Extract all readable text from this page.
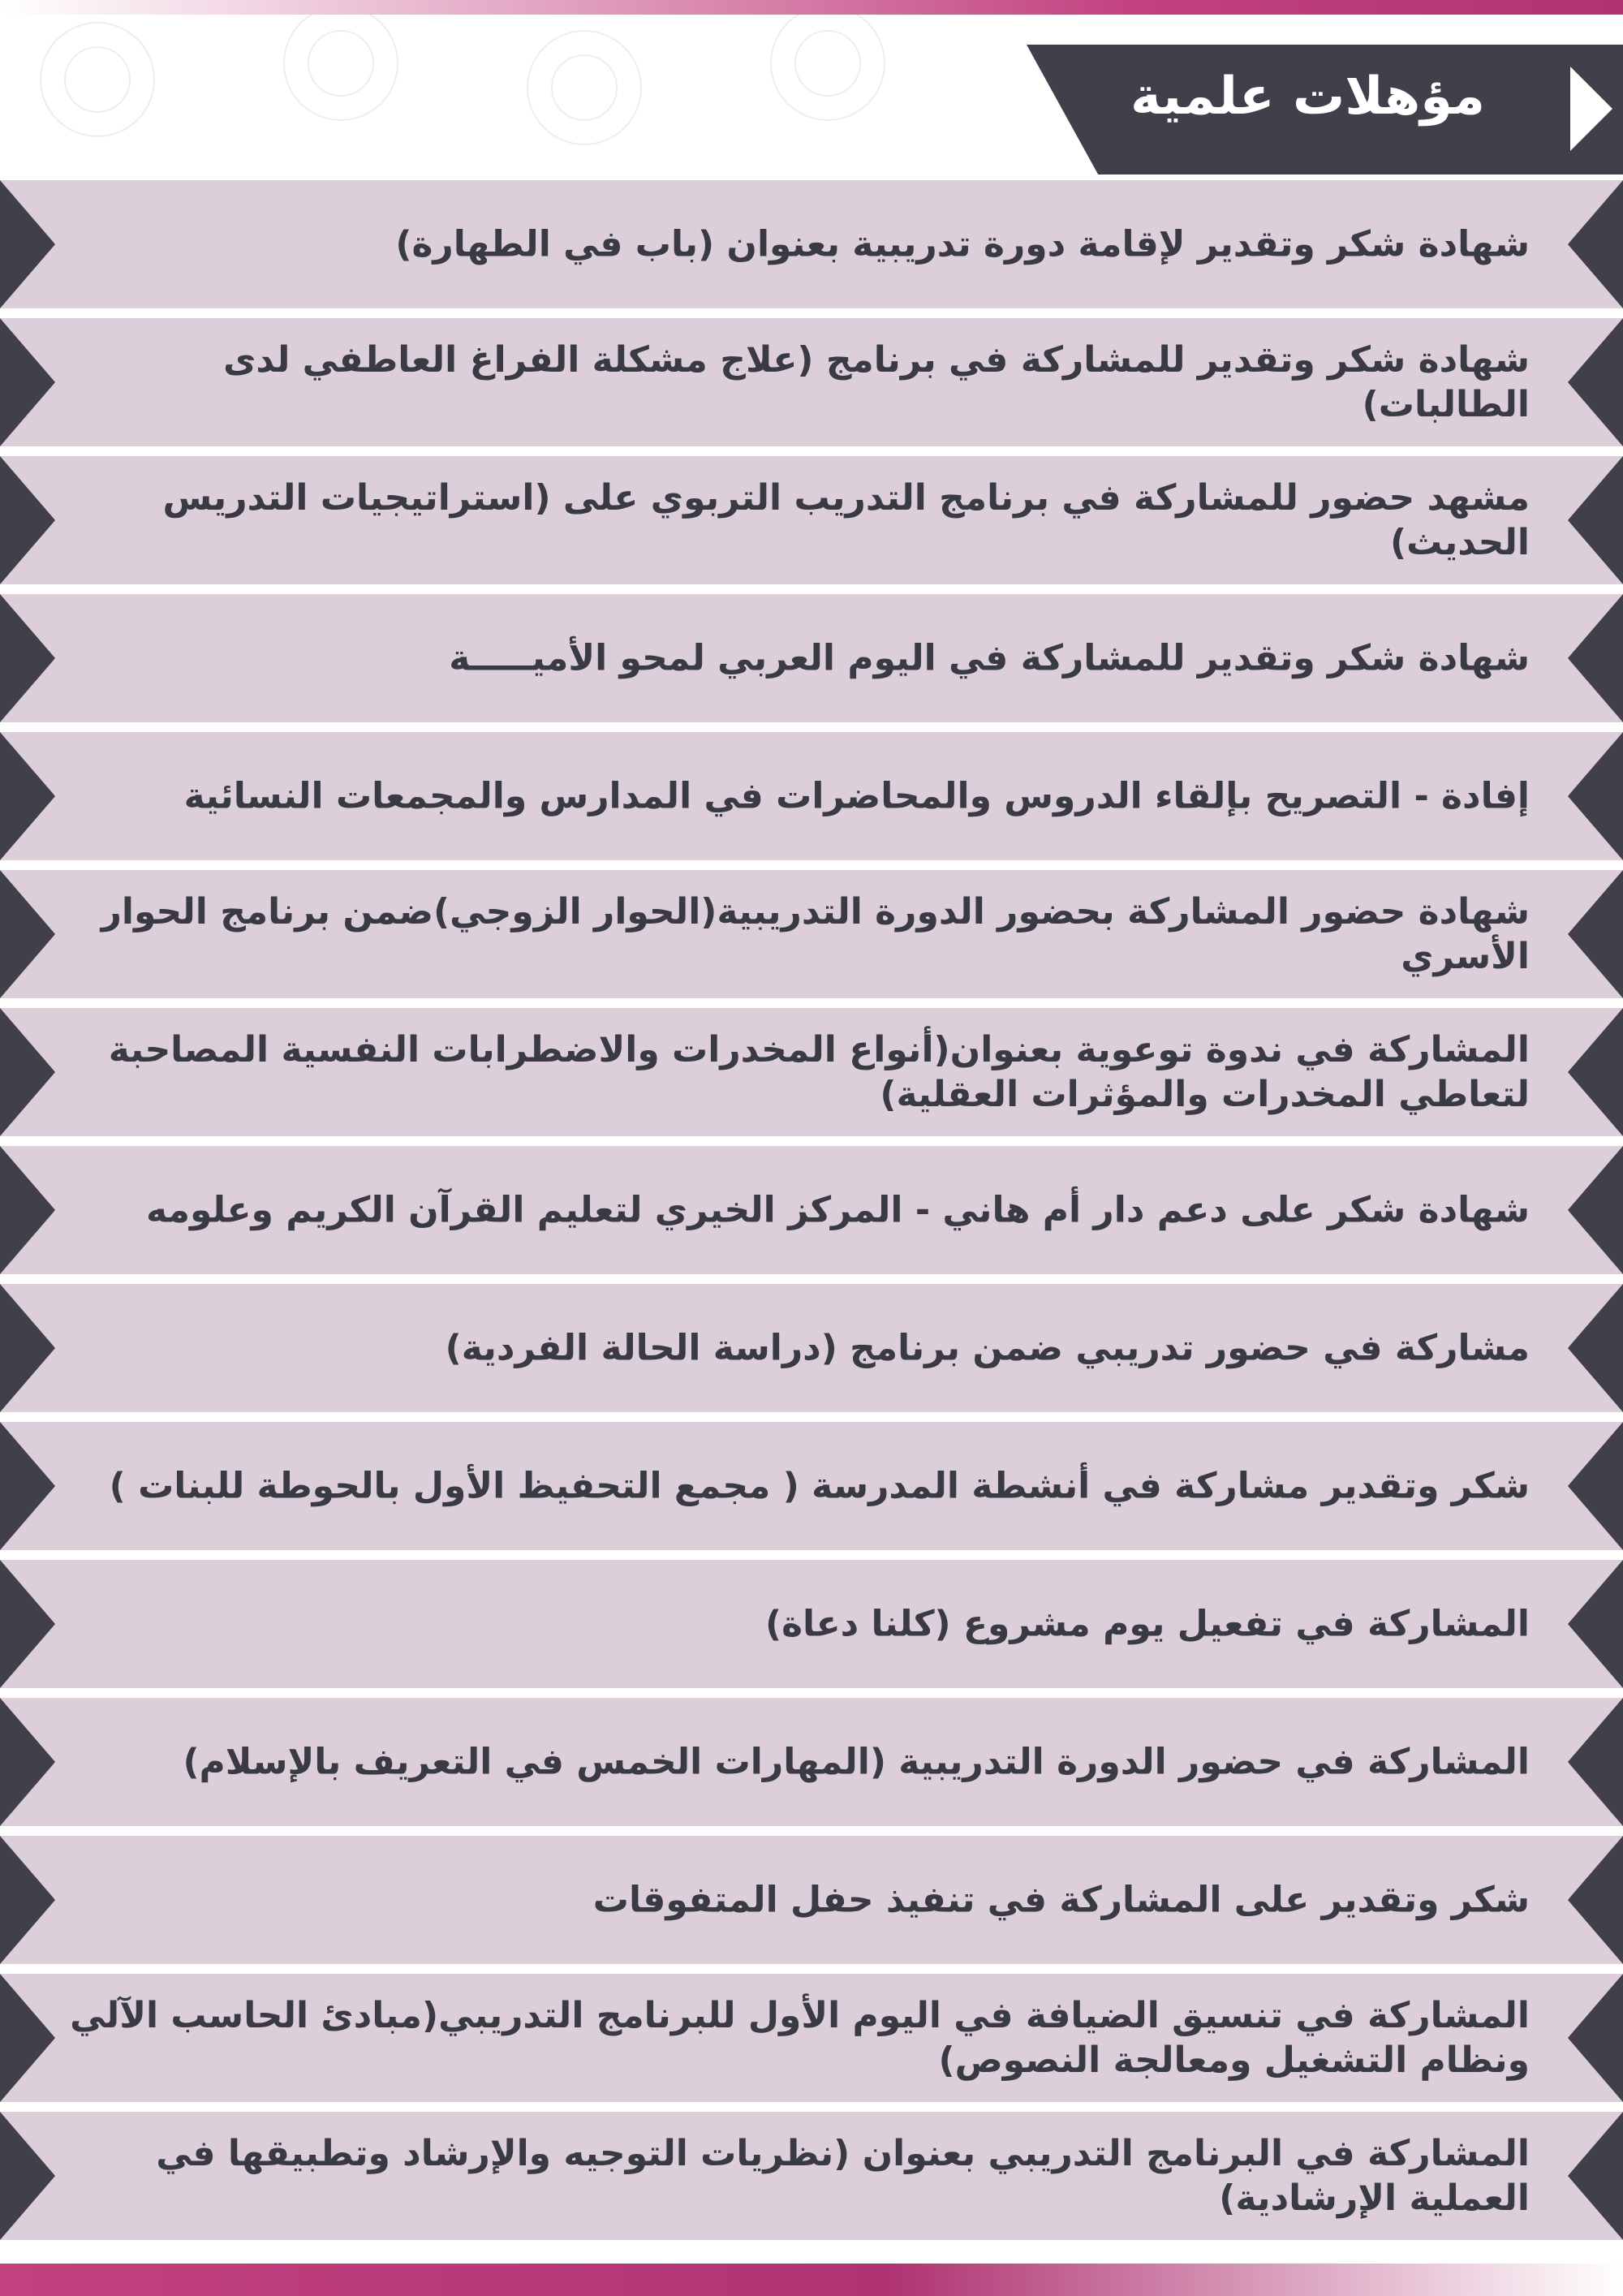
مؤهلات علمية

شهادة شكر وتقدير لإقامة دورة تدريبية بعنوان (باب في الطهارة)

شهادة شكر وتقدير للمشاركة في برنامج (علاج مشكلة الفراغ العاطفي لدى الطالبات)

مشهد حضور للمشاركة في برنامج التدريب التربوي على (استراتيجيات التدريس الحديث)

شهادة شكر وتقدير للمشاركة في اليوم العربي لمحو الأميـــــة

إفادة - التصريح بإلقاء الدروس والمحاضرات في المدارس والمجمعات النسائية

شهادة حضور المشاركة بحضور الدورة التدريبية(الحوار الزوجي)ضمن برنامج الحوار الأسري

المشاركة في ندوة توعوية بعنوان(أنواع المخدرات والاضطرابات النفسية المصاحبة لتعاطي المخدرات والمؤثرات العقلية)

شهادة شكر على دعم دار أم هاني - المركز الخيري لتعليم القرآن الكريم وعلومه

مشاركة في حضور تدريبي ضمن برنامج (دراسة الحالة الفردية)

شكر وتقدير مشاركة في أنشطة المدرسة ( مجمع التحفيظ الأول بالحوطة للبنات )

المشاركة في تفعيل يوم مشروع (كلنا دعاة)

المشاركة في حضور الدورة التدريبية (المهارات الخمس في التعريف بالإسلام)

شكر وتقدير على المشاركة في تنفيذ حفل المتفوقات

المشاركة في تنسيق الضيافة في اليوم الأول للبرنامج التدريبي(مبادئ الحاسب الآلي ونظام التشغيل ومعالجة النصوص)

المشاركة في البرنامج التدريبي بعنوان (نظريات التوجيه والإرشاد وتطبيقها في العملية الإرشادية)
